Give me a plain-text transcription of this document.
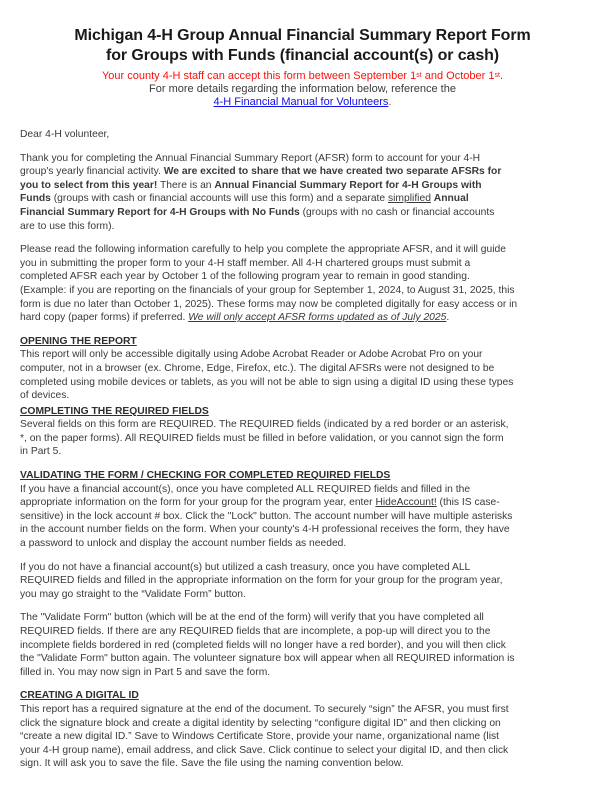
Michigan 4-H Group Annual Financial Summary Report Form
for Groups with Funds (financial account(s) or cash)

Your county 4-H staff can accept this form between September 1st and October 1st.

For more details regarding the information below, reference the

4-H Financial Manual for Volunteers.

Dear 4-H volunteer,

Thank you for completing the Annual Financial Summary Report (AFSR) form to account for your 4-H
group's yearly financial activity. We are excited to share that we have created two separate AFSRs for
you to select from this year! There is an Annual Financial Summary Report for 4-H Groups with
Funds (groups with cash or financial accounts will use this form) and a separate simplified Annual
Financial Summary Report for 4-H Groups with No Funds (groups with no cash or financial accounts
are to use this form).

Please read the following information carefully to help you complete the appropriate AFSR, and it will guide
you in submitting the proper form to your 4-H staff member. All 4-H chartered groups must submit a
completed AFSR each year by October 1 of the following program year to remain in good standing.
(Example: if you are reporting on the financials of your group for September 1, 2024, to August 31, 2025, this
form is due no later than October 1, 2025). These forms may now be completed digitally for easy access or in
hard copy (paper forms) if preferred. We will only accept AFSR forms updated as of July 2025.

OPENING THE REPORT

This report will only be accessible digitally using Adobe Acrobat Reader or Adobe Acrobat Pro on your
computer, not in a browser (ex. Chrome, Edge, Firefox, etc.). The digital AFSRs were not designed to be
completed using mobile devices or tablets, as you will not be able to sign using a digital ID using these types
of devices.

COMPLETING THE REQUIRED FIELDS

Several fields on this form are REQUIRED. The REQUIRED fields (indicated by a red border or an asterisk,
*, on the paper forms). All REQUIRED fields must be filled in before validation, or you cannot sign the form
in Part 5.

VALIDATING THE FORM / CHECKING FOR COMPLETED REQUIRED FIELDS

If you have a financial account(s), once you have completed ALL REQUIRED fields and filled in the
appropriate information on the form for your group for the program year, enter HideAccount! (this IS case-
sensitive) in the lock account # box. Click the "Lock" button. The account number will have multiple asterisks
in the account number fields on the form. When your county's 4-H professional receives the form, they have
a password to unlock and display the account number fields as needed.

If you do not have a financial account(s) but utilized a cash treasury, once you have completed ALL
REQUIRED fields and filled in the appropriate information on the form for your group for the program year,
you may go straight to the “Validate Form” button.

The "Validate Form" button (which will be at the end of the form) will verify that you have completed all
REQUIRED fields. If there are any REQUIRED fields that are incomplete, a pop-up will direct you to the
incomplete fields bordered in red (completed fields will no longer have a red border), and you will then click
the "Validate Form" button again. The volunteer signature box will appear when all REQUIRED information is
filled in. You may now sign in Part 5 and save the form.

CREATING A DIGITAL ID

This report has a required signature at the end of the document. To securely “sign” the AFSR, you must first
click the signature block and create a digital identity by selecting “configure digital ID” and then clicking on
“create a new digital ID.” Save to Windows Certificate Store, provide your name, organizational name (list
your 4-H group name), email address, and click Save. Click continue to select your digital ID, and then click
sign. It will ask you to save the file. Save the file using the naming convention below.
